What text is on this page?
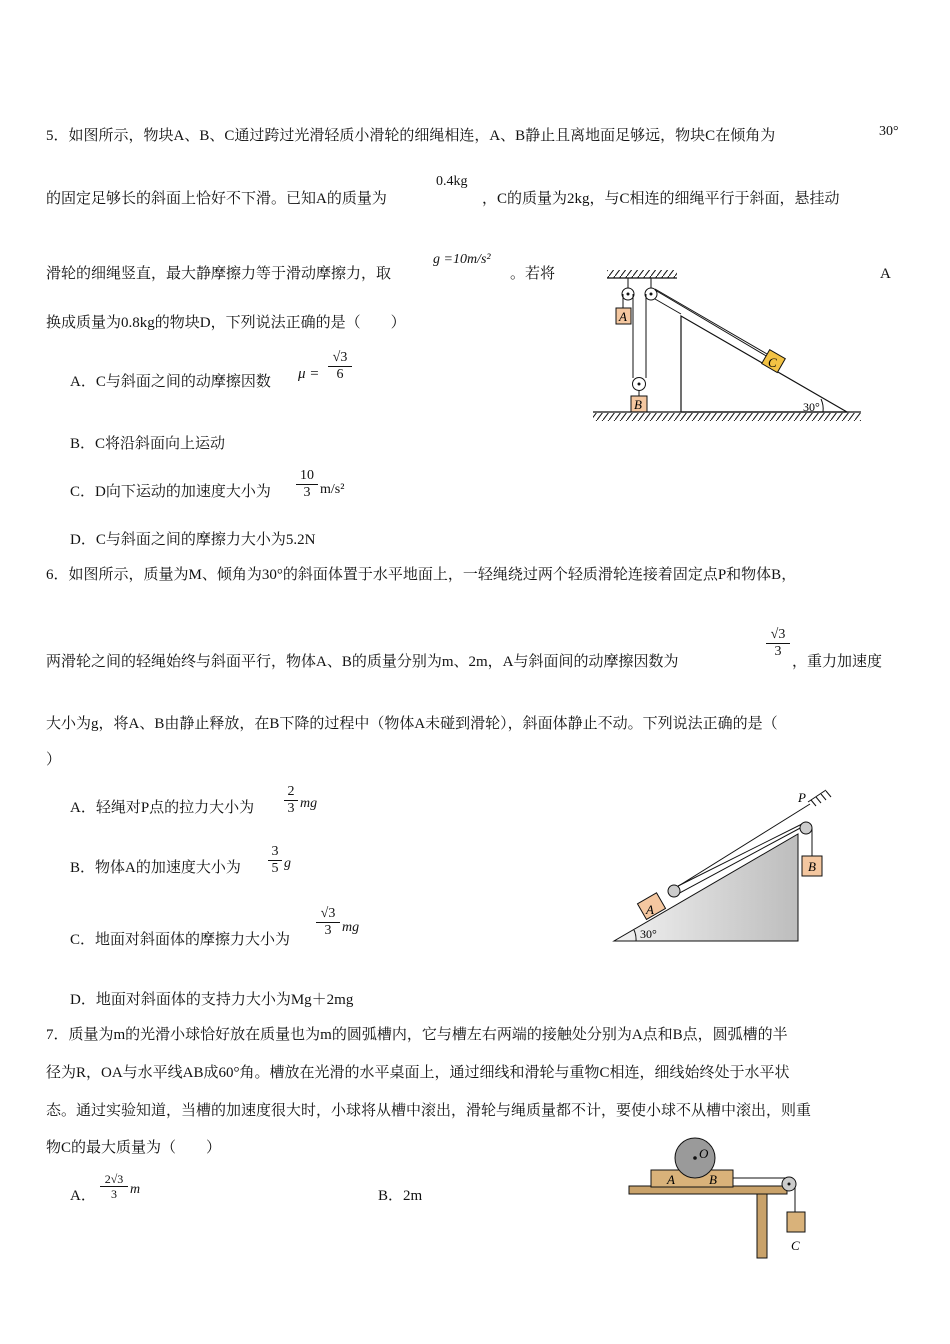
5．如图所示，物块A、B、C通过跨过光滑轻质小滑轮的细绳相连，A、B静止且离地面足够远，物块C在倾角为	30°
的固定足够长的斜面上恰好不下滑。已知A的质量为
0.4kg
，C的质量为2kg，与C相连的细绳平行于斜面，悬挂动
滑轮的细绳竖直，最大静摩擦力等于滑动摩擦力，取
g =10m/s²
。若将	A
换成质量为0.8kg的物块D，下列说法正确的是（　　）
A．C与斜面之间的动摩擦因数 $\mu = \frac{√3}{6}$
B．C将沿斜面向上运动
C．D向下运动的加速度大小为 $\frac{10}{3} m/s^2$
D．C与斜面之间的摩擦力大小为5.2N
A
B
C
30°
6．如图所示，质量为M、倾角为30°的斜面体置于水平地面上，一轻绳绕过两个轻质滑轮连接着固定点P和物体B，
两滑轮之间的轻绳始终与斜面平行，物体A、B的质量分别为m、2m，A与斜面间的动摩擦因数为
$\frac{√3}{3}$
，重力加速度
大小为g，将A、B由静止释放，在B下降的过程中（物体A未碰到滑轮），斜面体静止不动。下列说法正确的是（
）
A．轻绳对P点的拉力大小为 $\frac{2}{3}$ mg
B．物体A的加速度大小为 $\frac{3}{5}$ g
C．地面对斜面体的摩擦力大小为
$\frac{√3}{3}$ mg
D．地面对斜面体的支持力大小为Mg＋2mg
P
B
A
30°
7．质量为m的光滑小球恰好放在质量也为m的圆弧槽内，它与槽左右两端的接触处分别为A点和B点，圆弧槽的半
径为R，OA与水平线AB成60°角。槽放在光滑的水平桌面上，通过细线和滑轮与重物C相连，细线始终处于水平状
态。通过实验知道，当槽的加速度很大时，小球将从槽中滚出，滑轮与绳质量都不计，要使小球不从槽中滚出，则重
物C的最大质量为（　　）
A． $\frac{2√3}{3}$ m	B．2m
O
A	B
C
